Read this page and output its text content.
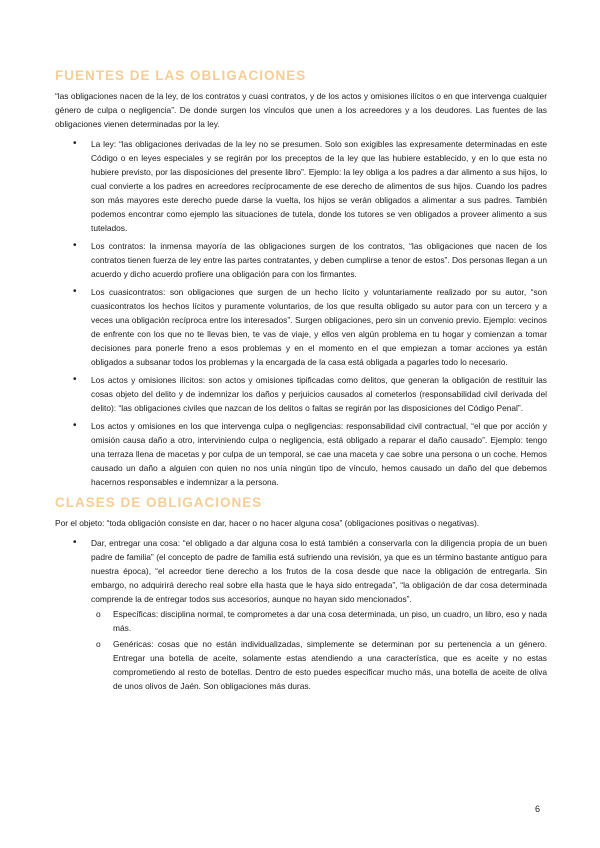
FUENTES DE LAS OBLIGACIONES

“las obligaciones nacen de la ley, de los contratos y cuasi contratos, y de los actos y omisiones ilícitos o en que intervenga cualquier género de culpa o negligencia”. De donde surgen los vínculos que unen a los acreedores y a los deudores. Las fuentes de las obligaciones vienen determinadas por la ley.

• La ley: “las obligaciones derivadas de la ley no se presumen. Solo son exigibles las expresamente determinadas en este Código o en leyes especiales y se regirán por los preceptos de la ley que las hubiere establecido, y en lo que esta no hubiere previsto, por las disposiciones del presente libro”. Ejemplo: la ley obliga a los padres a dar alimento a sus hijos, lo cual convierte a los padres en acreedores recíprocamente de ese derecho de alimentos de sus hijos. Cuando los padres son más mayores este derecho puede darse la vuelta, los hijos se verán obligados a alimentar a sus padres. También podemos encontrar como ejemplo las situaciones de tutela, donde los tutores se ven obligados a proveer alimento a sus tutelados.
• Los contratos: la inmensa mayoría de las obligaciones surgen de los contratos, “las obligaciones que nacen de los contratos tienen fuerza de ley entre las partes contratantes, y deben cumplirse a tenor de estos”. Dos personas llegan a un acuerdo y dicho acuerdo profiere una obligación para con los firmantes.
• Los cuasicontratos: son obligaciones que surgen de un hecho lícito y voluntariamente realizado por su autor, “son cuasicontratos los hechos lícitos y puramente voluntarios, de los que resulta obligado su autor para con un tercero y a veces una obligación recíproca entre los interesados”. Surgen obligaciones, pero sin un convenio previo. Ejemplo: vecinos de enfrente con los que no te llevas bien, te vas de viaje, y ellos ven algún problema en tu hogar y comienzan a tomar decisiones para ponerle freno a esos problemas y en el momento en el que empiezan a tomar acciones ya están obligados a subsanar todos los problemas y la encargada de la casa está obligada a pagarles todo lo necesario.
• Los actos y omisiones ilícitos: son actos y omisiones tipificadas como delitos, que generan la obligación de restituir las cosas objeto del delito y de indemnizar los daños y perjuicios causados al cometerlos (responsabilidad civil derivada del delito): “las obligaciones civiles que nazcan de los delitos o faltas se regirán por las disposiciones del Código Penal”.
• Los actos y omisiones en los que intervenga culpa o negligencias: responsabilidad civil contractual, “el que por acción y omisión causa daño a otro, interviniendo culpa o negligencia, está obligado a reparar el daño causado”. Ejemplo: tengo una terraza llena de macetas y por culpa de un temporal, se cae una maceta y cae sobre una persona o un coche. Hemos causado un daño a alguien con quien no nos unía ningún tipo de vínculo, hemos causado un daño del que debemos hacernos responsables e indemnizar a la persona.
CLASES DE OBLIGACIONES

Por el objeto: “toda obligación consiste en dar, hacer o no hacer alguna cosa” (obligaciones positivas o negativas).

• Dar, entregar una cosa: “el obligado a dar alguna cosa lo está también a conservarla con la diligencia propia de un buen padre de familia” (el concepto de padre de familia está sufriendo una revisión, ya que es un término bastante antiguo para nuestra época), “el acreedor tiene derecho a los frutos de la cosa desde que nace la obligación de entregarla. Sin embargo, no adquirirá derecho real sobre ella hasta que le haya sido entregada”, “la obligación de dar cosa determinada comprende la de entregar todos sus accesorios, aunque no hayan sido mencionados”.
o Específicas: disciplina normal, te comprometes a dar una cosa determinada, un piso, un cuadro, un libro, eso y nada más.
o Genéricas: cosas que no están individualizadas, simplemente se determinan por su pertenencia a un género. Entregar una botella de aceite, solamente estas atendiendo a una característica, que es aceite y no estas comprometiendo al resto de botellas. Dentro de esto puedes especificar mucho más, una botella de aceite de oliva de unos olivos de Jaén. Son obligaciones más duras.
6
